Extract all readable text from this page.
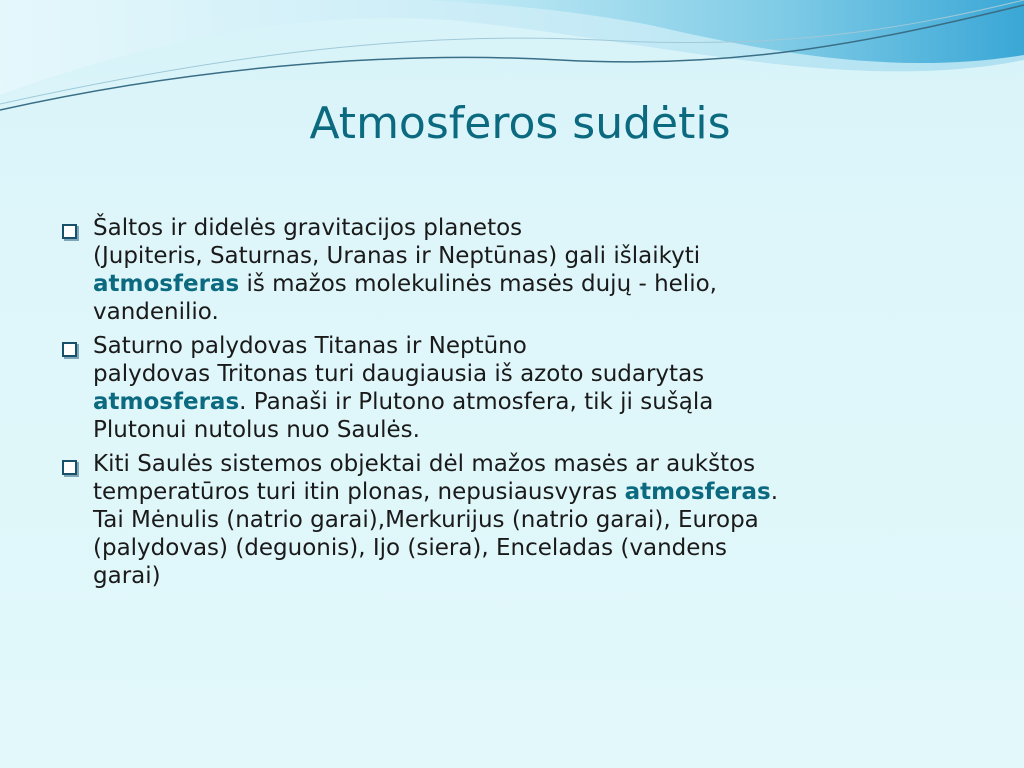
Atmosferos sudėtis
Šaltos ir didelės gravitacijos planetos
(Jupiteris, Saturnas, Uranas ir Neptūnas) gali išlaikyti
atmosferas iš mažos molekulinės masės dujų - helio,
vandenilio.
Saturno palydovas Titanas ir Neptūno
palydovas Tritonas turi daugiausia iš azoto sudarytas
atmosferas. Panaši ir Plutono atmosfera, tik ji sušąla
Plutonui nutolus nuo Saulės.
Kiti Saulės sistemos objektai dėl mažos masės ar aukštos
temperatūros turi itin plonas, nepusiausvyras atmosferas.
Tai Mėnulis (natrio garai),Merkurijus (natrio garai), Europa
(palydovas) (deguonis), Ijo (siera), Enceladas (vandens
garai)
